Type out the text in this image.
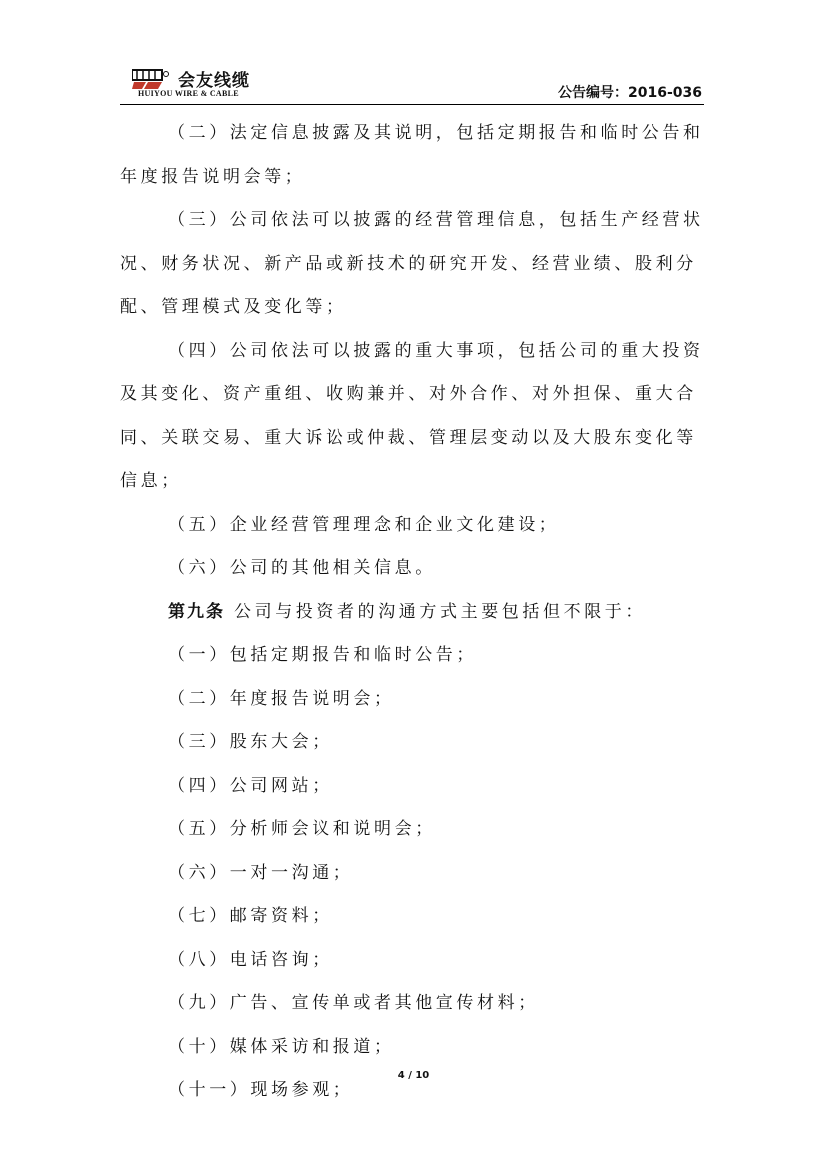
会友线缆
HUIYOU WIRE & CABLE	公告编号：2016-036

（二）法定信息披露及其说明，包括定期报告和临时公告和年度报告说明会等；

（三）公司依法可以披露的经营管理信息，包括生产经营状况、财务状况、新产品或新技术的研究开发、经营业绩、股利分配、管理模式及变化等；

（四）公司依法可以披露的重大事项，包括公司的重大投资及其变化、资产重组、收购兼并、对外合作、对外担保、重大合同、关联交易、重大诉讼或仲裁、管理层变动以及大股东变化等信息；

（五）企业经营管理理念和企业文化建设；

（六）公司的其他相关信息。

第九条 公司与投资者的沟通方式主要包括但不限于：

（一）包括定期报告和临时公告；

（二）年度报告说明会；

（三）股东大会；

（四）公司网站；

（五）分析师会议和说明会；

（六）一对一沟通；

（七）邮寄资料；

（八）电话咨询；

（九）广告、宣传单或者其他宣传材料；

（十）媒体采访和报道；

（十一）现场参观；

4 / 10
